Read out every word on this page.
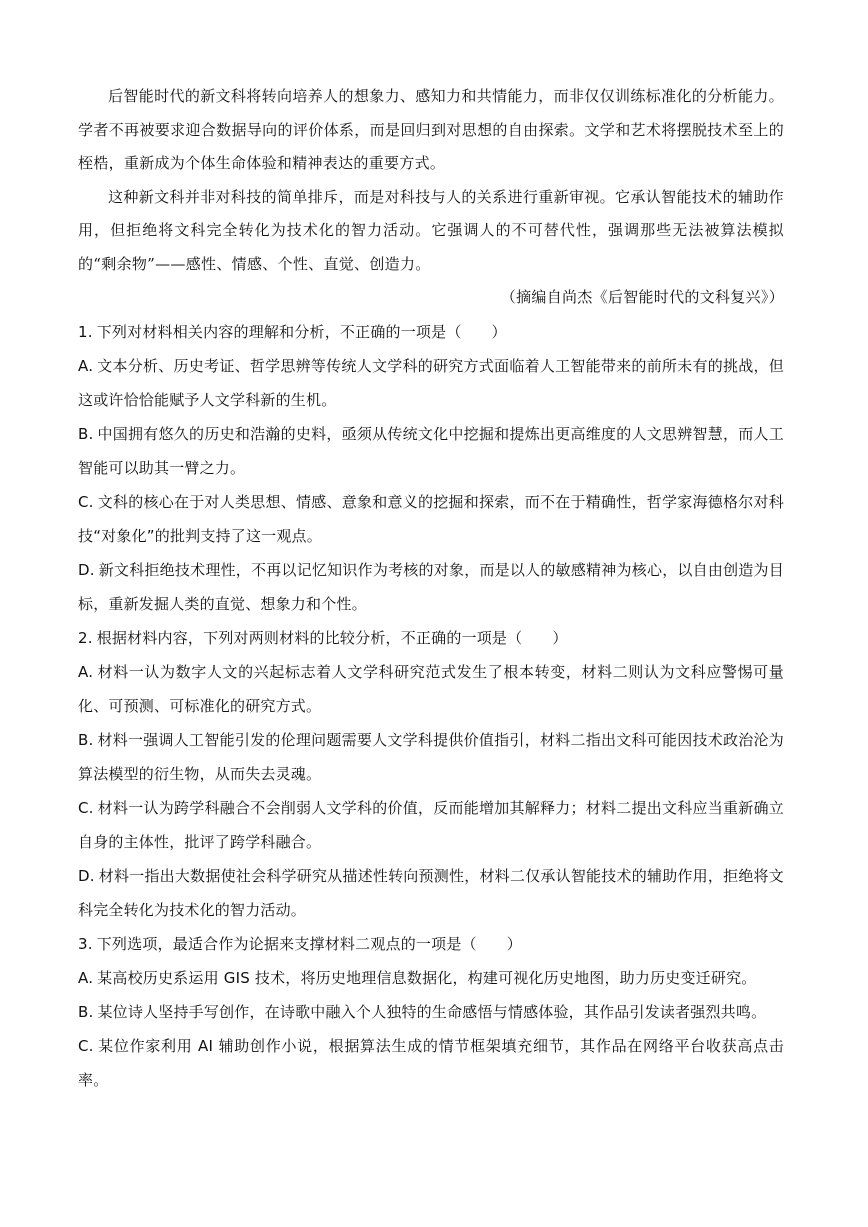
后智能时代的新文科将转向培养人的想象力、感知力和共情能力，而非仅仅训练标准化的分析能力。学者不再被要求迎合数据导向的评价体系，而是回归到对思想的自由探索。文学和艺术将摆脱技术至上的桎梏，重新成为个体生命体验和精神表达的重要方式。

这种新文科并非对科技的简单排斥，而是对科技与人的关系进行重新审视。它承认智能技术的辅助作用，但拒绝将文科完全转化为技术化的智力活动。它强调人的不可替代性，强调那些无法被算法模拟的“剩余物”——感性、情感、个性、直觉、创造力。

（摘编自尚杰《后智能时代的文科复兴》）

1. 下列对材料相关内容的理解和分析，不正确的一项是（ ）

A. 文本分析、历史考证、哲学思辨等传统人文学科的研究方式面临着人工智能带来的前所未有的挑战，但这或许恰恰能赋予人文学科新的生机。

B. 中国拥有悠久的历史和浩瀚的史料，亟须从传统文化中挖掘和提炼出更高维度的人文思辨智慧，而人工智能可以助其一臂之力。

C. 文科的核心在于对人类思想、情感、意象和意义的挖掘和探索，而不在于精确性，哲学家海德格尔对科技“对象化”的批判支持了这一观点。

D. 新文科拒绝技术理性，不再以记忆知识作为考核的对象，而是以人的敏感精神为核心，以自由创造为目标，重新发掘人类的直觉、想象力和个性。

2. 根据材料内容，下列对两则材料的比较分析，不正确的一项是（ ）

A. 材料一认为数字人文的兴起标志着人文学科研究范式发生了根本转变，材料二则认为文科应警惕可量化、可预测、可标准化的研究方式。

B. 材料一强调人工智能引发的伦理问题需要人文学科提供价值指引，材料二指出文科可能因技术政治沦为算法模型的衍生物，从而失去灵魂。

C. 材料一认为跨学科融合不会削弱人文学科的价值，反而能增加其解释力；材料二提出文科应当重新确立自身的主体性，批评了跨学科融合。

D. 材料一指出大数据使社会科学研究从描述性转向预测性，材料二仅承认智能技术的辅助作用，拒绝将文科完全转化为技术化的智力活动。

3. 下列选项，最适合作为论据来支撑材料二观点的一项是（ ）

A. 某高校历史系运用 GIS 技术，将历史地理信息数据化，构建可视化历史地图，助力历史变迁研究。

B. 某位诗人坚持手写创作，在诗歌中融入个人独特的生命感悟与情感体验，其作品引发读者强烈共鸣。

C. 某位作家利用 AI 辅助创作小说，根据算法生成的情节框架填充细节，其作品在网络平台收获高点击率。
